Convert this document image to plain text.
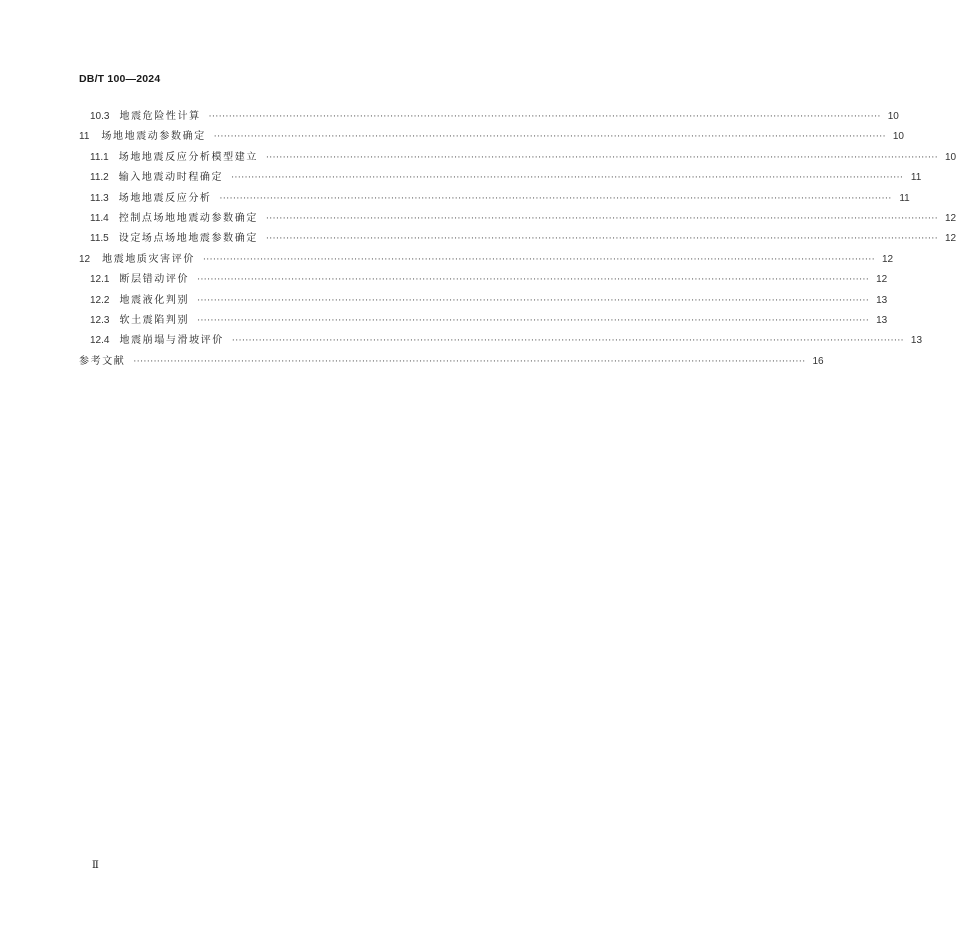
DB/T 100—2024
10.3 地震危险性计算 ········································································································································································································ 10
11 场地地震动参数确定 ········································································································································································································ 10
11.1 场地地震反应分析模型建立 ········································································································································································································ 10
11.2 输入地震动时程确定 ········································································································································································································ 11
11.3 场地地震反应分析 ········································································································································································································ 11
11.4 控制点场地地震动参数确定 ········································································································································································································ 12
11.5 设定场点场地地震参数确定 ········································································································································································································ 12
12 地震地质灾害评价 ········································································································································································································ 12
12.1 断层错动评价 ········································································································································································································ 12
12.2 地震液化判别 ········································································································································································································ 13
12.3 软土震陷判别 ········································································································································································································ 13
12.4 地震崩塌与滑坡评价 ········································································································································································································ 13
参考文献 ········································································································································································································ 16
Ⅱ
